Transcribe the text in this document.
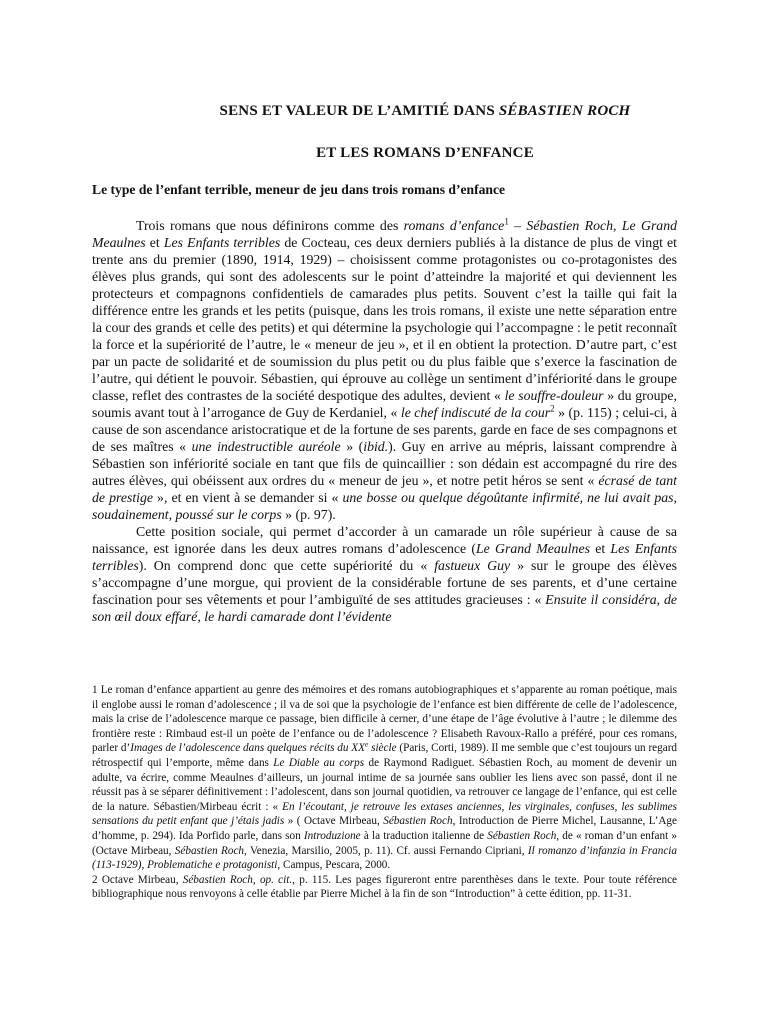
SENS ET VALEUR DE L’AMITIÉ DANS SÉBASTIEN ROCH
ET LES ROMANS D’ENFANCE
Le type de l’enfant terrible, meneur de jeu dans trois romans d’enfance

Trois romans que nous définirons comme des romans d’enfance$^1$ – Sébastien Roch, Le Grand Meaulnes et Les Enfants terribles de Cocteau, ces deux derniers publiés à la distance de plus de vingt et trente ans du premier (1890, 1914, 1929) – choisissent comme protagonistes ou co-protagonistes des élèves plus grands, qui sont des adolescents sur le point d’atteindre la majorité et qui deviennent les protecteurs et compagnons confidentiels de camarades plus petits. Souvent c’est la taille qui fait la différence entre les grands et les petits (puisque, dans les trois romans, il existe une nette séparation entre la cour des grands et celle des petits) et qui détermine la psychologie qui l’accompagne : le petit reconnaît la force et la supériorité de l’autre, le « meneur de jeu », et il en obtient la protection. D’autre part, c’est par un pacte de solidarité et de soumission du plus petit ou du plus faible que s’exerce la fascination de l’autre, qui détient le pouvoir. Sébastien, qui éprouve au collège un sentiment d’infériorité dans le groupe classe, reflet des contrastes de la société despotique des adultes, devient « le souffre-douleur » du groupe, soumis avant tout à l’arrogance de Guy de Kerdaniel, « le chef indiscuté de la cour$^2$ » (p. 115) ; celui-ci, à cause de son ascendance aristocratique et de la fortune de ses parents, garde en face de ses compagnons et de ses maîtres « une indestructible auréole » (ibid.). Guy en arrive au mépris, laissant comprendre à Sébastien son infériorité sociale en tant que fils de quincaillier : son dédain est accompagné du rire des autres élèves, qui obéissent aux ordres du « meneur de jeu », et notre petit héros se sent « écrasé de tant de prestige », et en vient à se demander si « une bosse ou quelque dégoûtante infirmité, ne lui avait pas, soudainement, poussé sur le corps » (p. 97).

Cette position sociale, qui permet d’accorder à un camarade un rôle supérieur à cause de sa naissance, est ignorée dans les deux autres romans d’adolescence (Le Grand Meaulnes et Les Enfants terribles). On comprend donc que cette supériorité du « fastueux Guy » sur le groupe des élèves s’accompagne d’une morgue, qui provient de la considérable fortune de ses parents, et d’une certaine fascination pour ses vêtements et pour l’ambiguïté de ses attitudes gracieuses : « Ensuite il considéra, de son œil doux effaré, le hardi camarade dont l’évidente

1 Le roman d’enfance appartient au genre des mémoires et des romans autobiographiques et s’apparente au roman poétique, mais il englobe aussi le roman d’adolescence ; il va de soi que la psychologie de l’enfance est bien différente de celle de l’adolescence, mais la crise de l’adolescence marque ce passage, bien difficile à cerner, d’une étape de l’âge évolutive à l’autre ; le dilemme des frontière reste : Rimbaud est-il un poète de l’enfance ou de l’adolescence ? Elisabeth Ravoux-Rallo a préféré, pour ces romans, parler d’Images de l’adolescence dans quelques récits du XXe siècle (Paris, Corti, 1989). Il me semble que c’est toujours un regard rétrospectif qui l’emporte, même dans Le Diable au corps de Raymond Radiguet. Sébastien Roch, au moment de devenir un adulte, va écrire, comme Meaulnes d’ailleurs, un journal intime de sa journée sans oublier les liens avec son passé, dont il ne réussit pas à se séparer définitivement : l’adolescent, dans son journal quotidien, va retrouver ce langage de l’enfance, qui est celle de la nature. Sébastien/Mirbeau écrit : « En l’écoutant, je retrouve les extases anciennes, les virginales, confuses, les sublimes sensations du petit enfant que j’étais jadis » ( Octave Mirbeau, Sébastien Roch, Introduction de Pierre Michel, Lausanne, L’Age d’homme, p. 294). Ida Porfido parle, dans son Introduzione à la traduction italienne de Sébastien Roch, de « roman d’un enfant » (Octave Mirbeau, Sébastien Roch, Venezia, Marsilio, 2005, p. 11). Cf. aussi Fernando Cipriani, Il romanzo d’infanzia in Francia (113-1929), Problematiche e protagonisti, Campus, Pescara, 2000.

2 Octave Mirbeau, Sébastien Roch, op. cit., p. 115. Les pages figureront entre parenthèses dans le texte. Pour toute référence bibliographique nous renvoyons à celle établie par Pierre Michel à la fin de son “Introduction” à cette édition, pp. 11-31.
